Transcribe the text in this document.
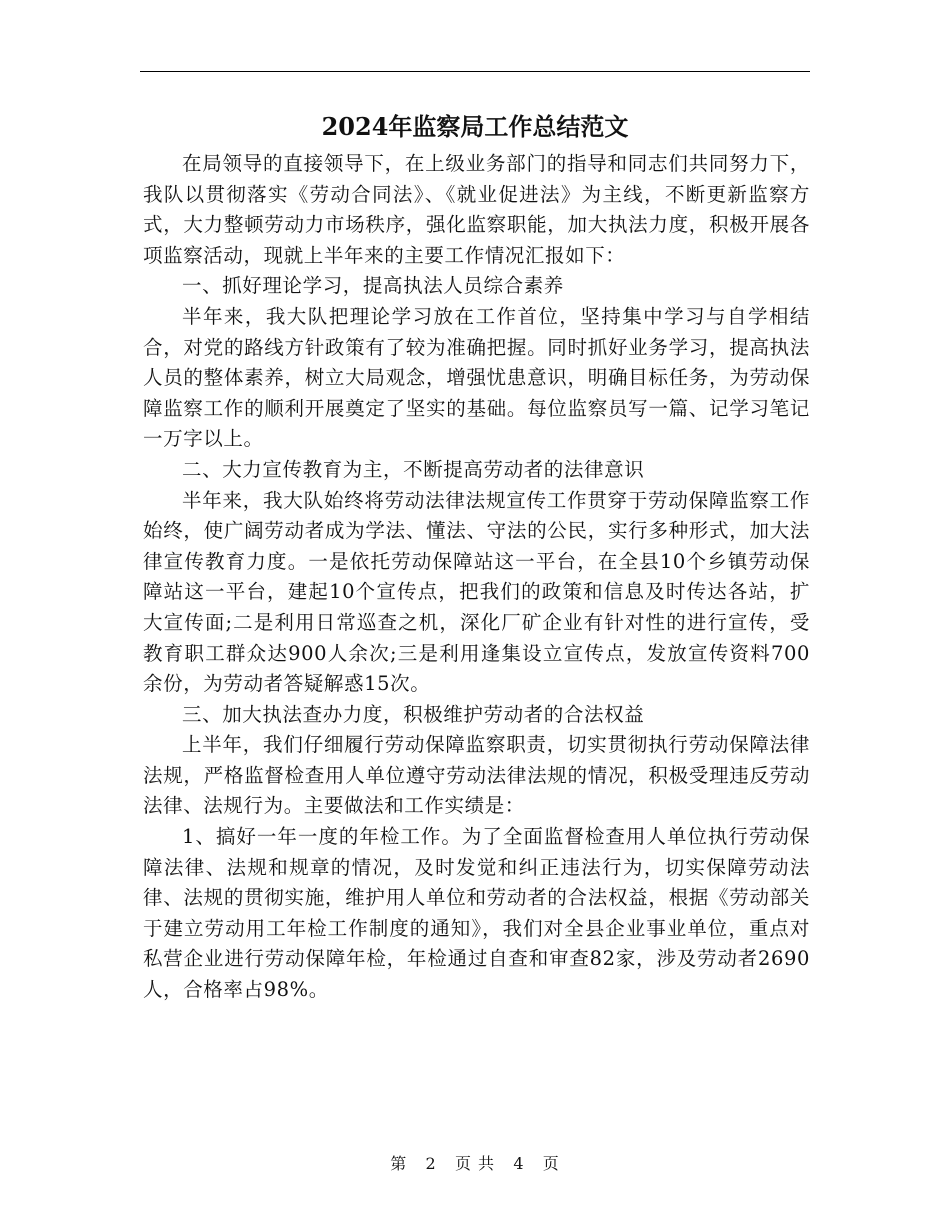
2024年监察局工作总结范文

在局领导的直接领导下，在上级业务部门的指导和同志们共同努力下，我队以贯彻落实《劳动合同法》、《就业促进法》为主线，不断更新监察方式，大力整顿劳动力市场秩序，强化监察职能，加大执法力度，积极开展各项监察活动，现就上半年来的主要工作情况汇报如下：

一、抓好理论学习，提高执法人员综合素养

半年来，我大队把理论学习放在工作首位，坚持集中学习与自学相结合，对党的路线方针政策有了较为准确把握。同时抓好业务学习，提高执法人员的整体素养，树立大局观念，增强忧患意识，明确目标任务，为劳动保障监察工作的顺利开展奠定了坚实的基础。每位监察员写一篇、记学习笔记一万字以上。

二、大力宣传教育为主，不断提高劳动者的法律意识

半年来，我大队始终将劳动法律法规宣传工作贯穿于劳动保障监察工作始终，使广阔劳动者成为学法、懂法、守法的公民，实行多种形式，加大法律宣传教育力度。一是依托劳动保障站这一平台，在全县10个乡镇劳动保障站这一平台，建起10个宣传点，把我们的政策和信息及时传达各站，扩大宣传面;二是利用日常巡查之机，深化厂矿企业有针对性的进行宣传，受教育职工群众达900人余次;三是利用逢集设立宣传点，发放宣传资料700余份，为劳动者答疑解惑15次。

三、加大执法查办力度，积极维护劳动者的合法权益

上半年，我们仔细履行劳动保障监察职责，切实贯彻执行劳动保障法律法规，严格监督检查用人单位遵守劳动法律法规的情况，积极受理违反劳动法律、法规行为。主要做法和工作实绩是：

1、搞好一年一度的年检工作。为了全面监督检查用人单位执行劳动保障法律、法规和规章的情况，及时发觉和纠正违法行为，切实保障劳动法律、法规的贯彻实施，维护用人单位和劳动者的合法权益，根据《劳动部关于建立劳动用工年检工作制度的通知》，我们对全县企业事业单位，重点对私营企业进行劳动保障年检，年检通过自查和审查82家，涉及劳动者2690人，合格率占98%。

第 2 页 共 4 页
